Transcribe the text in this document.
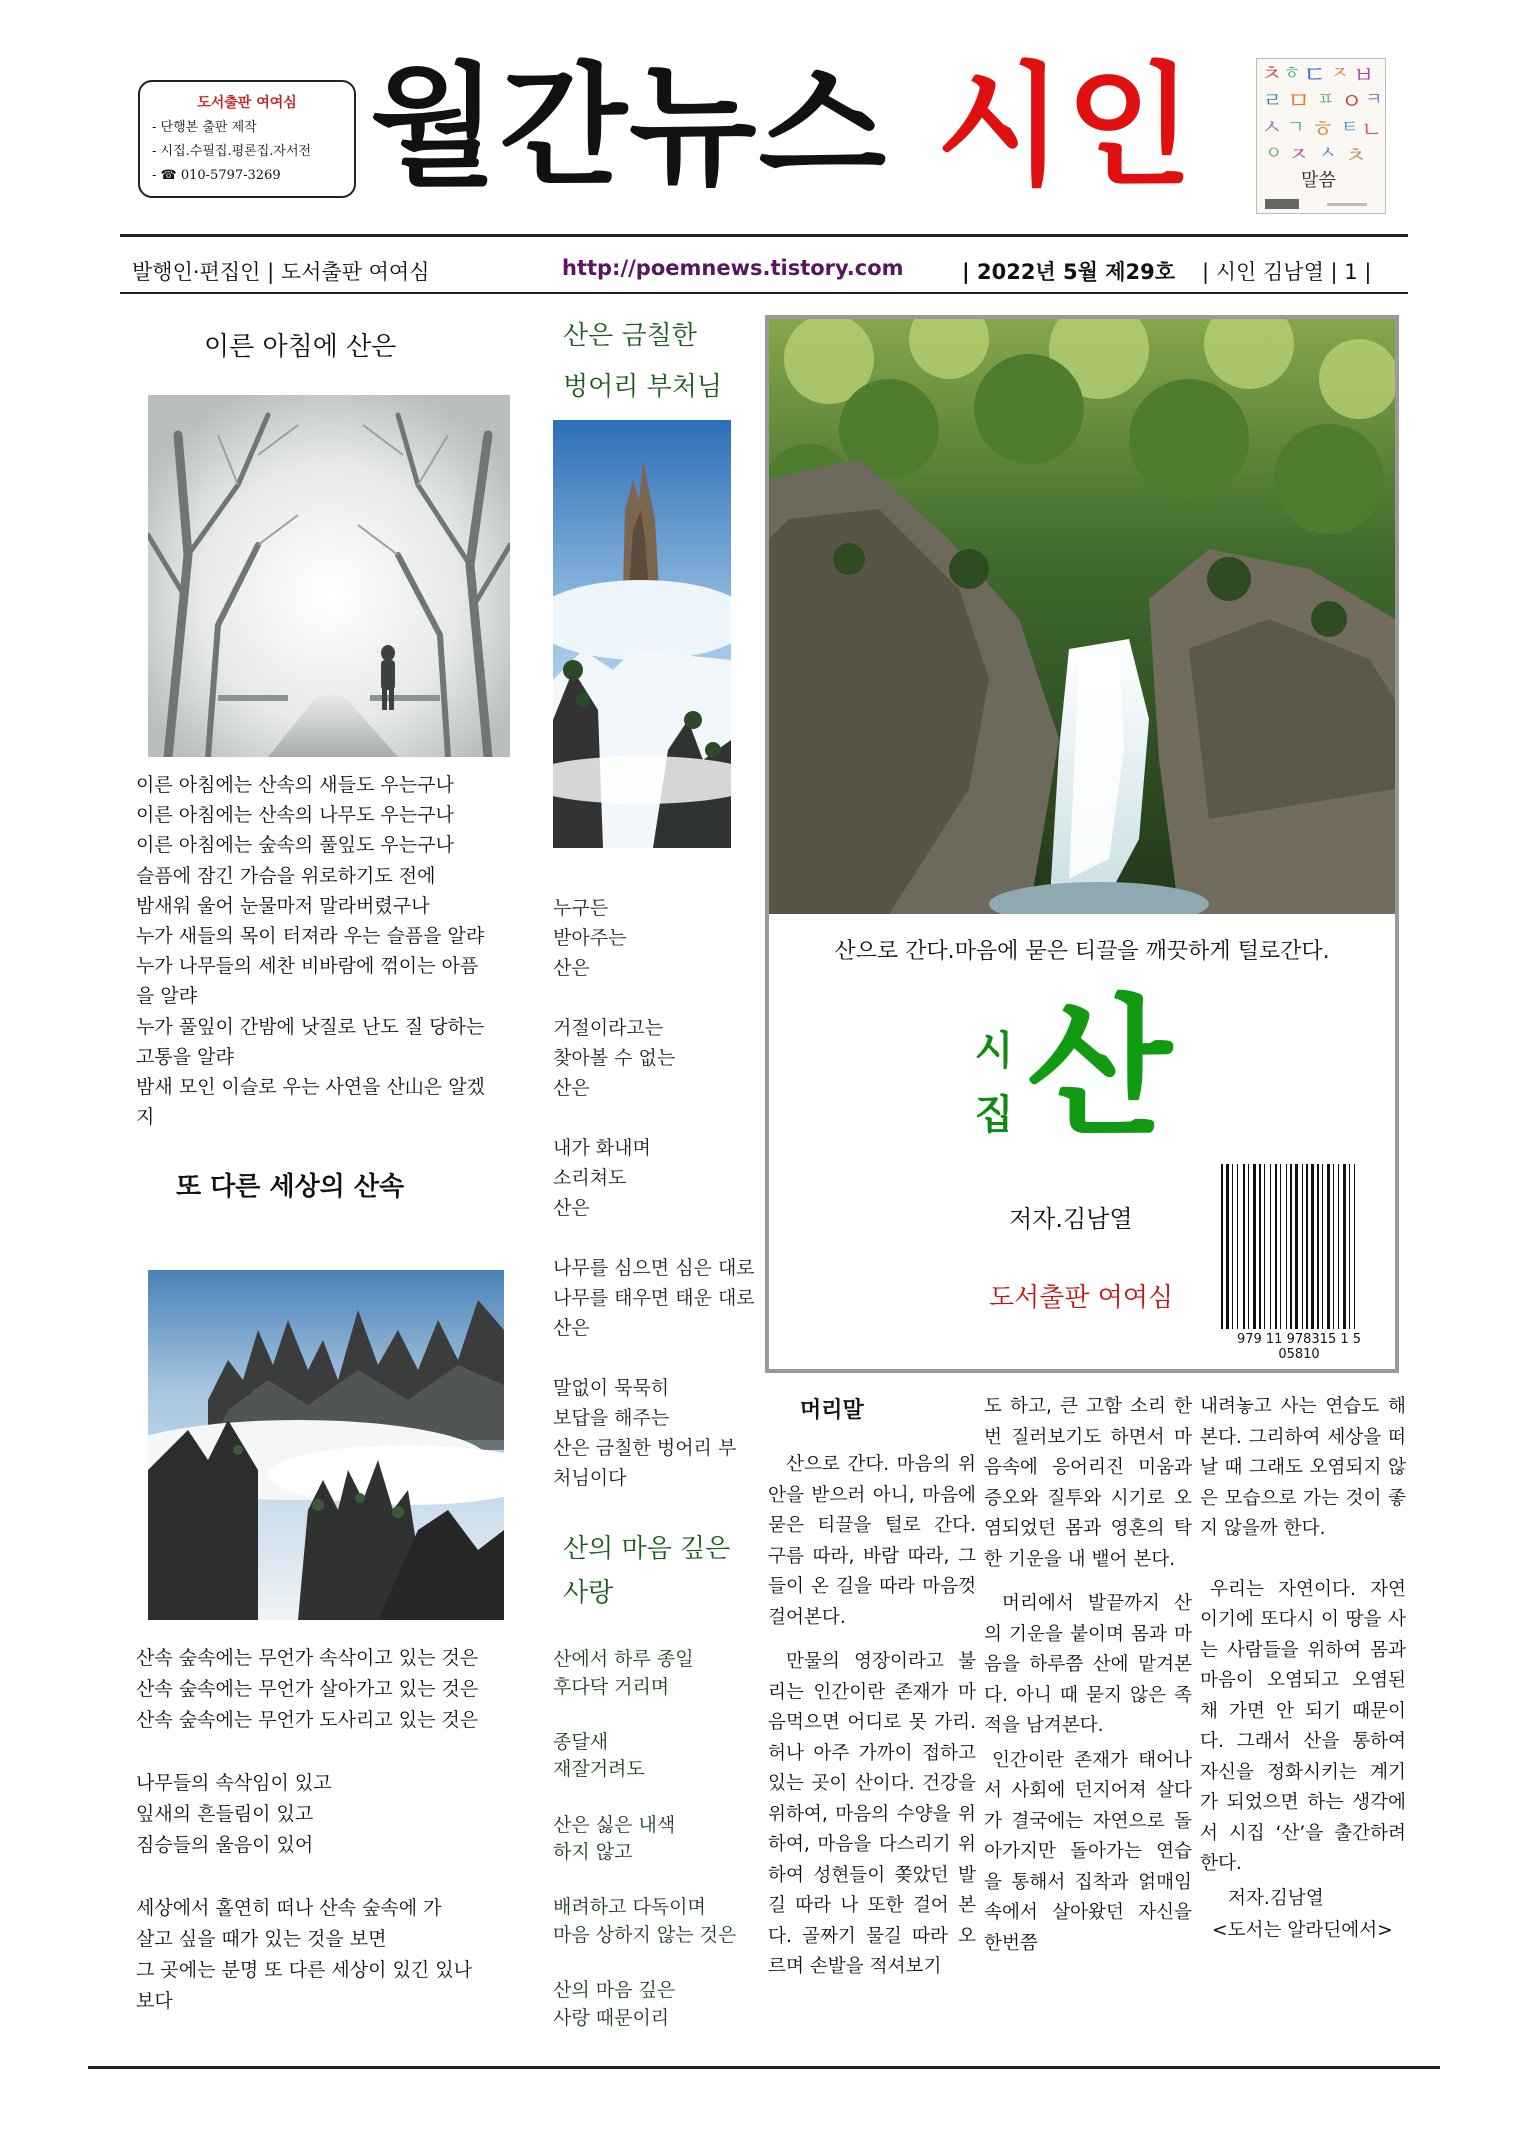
도서출판 여여심
- 단행본 출판 제작
- 시집.수필집.평론집.자서전
- ☎ 010-5797-3269 월간뉴스 시인	ㅊ ㅎ ㄷ ㅈ ㅂ
ㄹ ㅁ ㅍ ㅇ ㅋ
ㅅ ㄱ ㅎ ㅌ ㄴ
ㅇ ㅈ ㅅ ㅊ
말씀
발행인·편집인 | 도서출판 여여심	http://poemnews.tistory.com	| 2022년 5월 제29호 | 시인 김남열 | 1 |
이른 아침에 산은
이른 아침에는 산속의 새들도 우는구나
이른 아침에는 산속의 나무도 우는구나
이른 아침에는 숲속의 풀잎도 우는구나
슬픔에 잠긴 가슴을 위로하기도 전에
밤새워 울어 눈물마저 말라버렸구나
누가 새들의 목이 터져라 우는 슬픔을 알랴
누가 나무들의 세찬 비바람에 꺾이는 아픔
을 알랴
누가 풀잎이 간밤에 낫질로 난도 질 당하는
고통을 알랴
밤새 모인 이슬로 우는 사연을 산山은 알겠
지
또 다른 세상의 산속
산속 숲속에는 무언가 속삭이고 있는 것은
산속 숲속에는 무언가 살아가고 있는 것은
산속 숲속에는 무언가 도사리고 있는 것은

나무들의 속삭임이 있고
잎새의 흔들림이 있고
짐승들의 울음이 있어

세상에서 홀연히 떠나 산속 숲속에 가
살고 싶을 때가 있는 것을 보면
그 곳에는 분명 또 다른 세상이 있긴 있나
보다
산은 금칠한
벙어리 부처님
누구든
받아주는
산은

거절이라고는
찾아볼 수 없는
산은

내가 화내며
소리쳐도
산은

나무를 심으면 심은 대로
나무를 태우면 태운 대로
산은

말없이 묵묵히
보답을 해주는
산은 금칠한 벙어리 부
처님이다
산의 마음 깊은
사랑
산에서 하루 종일
후다닥 거리며

종달새
재잘거려도

산은 싫은 내색
하지 않고

배려하고 다독이며
마음 상하지 않는 것은

산의 마음 깊은
사랑 때문이리
산으로 간다.마음에 묻은 티끌을 깨끗하게 털로간다.
시
집 산
저자.김남열
도서출판 여여심
979 11 978315 1 5 05810
머리말

산으로 간다. 마음의 위안을 받으러 아니, 마음에 묻은 티끌을 털로 간다. 구름 따라, 바람 따라, 그들이 온 길을 따라 마음껏 걸어본다.

만물의 영장이라고 불리는 인간이란 존재가 마음먹으면 어디로 못 가리. 허나 아주 가까이 접하고 있는 곳이 산이다. 건강을 위하여, 마음의 수양을 위하여, 마음을 다스리기 위하여 성현들이 쫒았던 발길 따라 나 또한 걸어 본다. 골짜기 물길 따라 오르며 손발을 적셔보기

도 하고, 큰 고함 소리 한 번 질러보기도 하면서 마음속에 응어리진 미움과 증오와 질투와 시기로 오염되었던 몸과 영혼의 탁한 기운을 내 뱉어 본다.

머리에서 발끝까지 산의 기운을 붙이며 몸과 마음을 하루쯤 산에 맡겨본다. 아니 때 묻지 않은 족적을 남겨본다.

인간이란 존재가 태어나서 사회에 던지어져 살다가 결국에는 자연으로 돌아가지만 돌아가는 연습을 통해서 집착과 얽매임 속에서 살아왔던 자신을 한번쯤

내려놓고 사는 연습도 해본다. 그리하여 세상을 떠날 때 그래도 오염되지 않은 모습으로 가는 것이 좋지 않을까 한다.

우리는 자연이다. 자연이기에 또다시 이 땅을 사는 사람들을 위하여 몸과 마음이 오염되고 오염된 채 가면 안 되기 때문이다. 그래서 산을 통하여 자신을 정화시키는 계기가 되었으면 하는 생각에서 시집 ‘산’을 출간하려한다.

저자.김남열

<도서는 알라딘에서>
